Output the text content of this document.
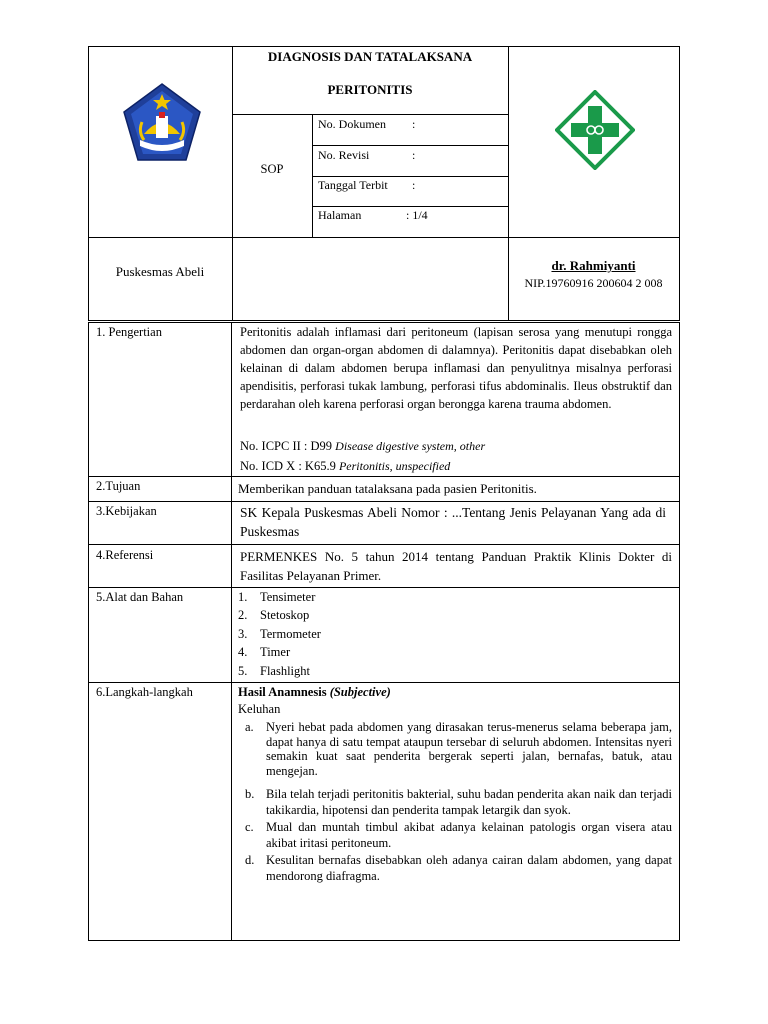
DIAGNOSIS DAN TATALAKSANA
PERITONITIS
SOP
No. Dokumen :
No. Revisi	:
Tanggal Terbit :
Halaman	: 1/4
Puskesmas Abeli	dr. Rahmiyanti
NIP.19760916 200604 2 008
1. Pengertian	Peritonitis adalah inflamasi dari peritoneum (lapisan serosa yang menutupi rongga abdomen dan organ-organ abdomen di dalamnya). Peritonitis dapat disebabkan oleh kelainan di dalam abdomen berupa inflamasi dan penyulitnya misalnya perforasi apendisitis, perforasi tukak lambung, perforasi tifus abdominalis. Ileus obstruktif dan perdarahan oleh karena perforasi organ berongga karena trauma abdomen.
No. ICPC II : D99 Disease digestive system, other
No. ICD X : K65.9 Peritonitis, unspecified
2.Tujuan	Memberikan panduan tatalaksana pada pasien Peritonitis.
3.Kebijakan	SK Kepala Puskesmas Abeli Nomor : ...Tentang Jenis Pelayanan Yang ada di Puskesmas
4.Referensi	PERMENKES No. 5 tahun 2014 tentang Panduan Praktik Klinis Dokter di Fasilitas Pelayanan Primer.
5.Alat dan Bahan	1. Tensimeter
2. Stetoskop
3. Termometer
4. Timer
5. Flashlight
6.Langkah-langkah	Hasil Anamnesis (Subjective)
Keluhan
a. Nyeri hebat pada abdomen yang dirasakan terus-menerus selama beberapa jam, dapat hanya di satu tempat ataupun tersebar di seluruh abdomen. Intensitas nyeri semakin kuat saat penderita bergerak seperti jalan, bernafas, batuk, atau mengejan.
b. Bila telah terjadi peritonitis bakterial, suhu badan penderita akan naik dan terjadi takikardia, hipotensi dan penderita tampak letargik dan syok.
c. Mual dan muntah timbul akibat adanya kelainan patologis organ visera atau akibat iritasi peritoneum.
d. Kesulitan bernafas disebabkan oleh adanya cairan dalam abdomen, yang dapat mendorong diafragma.
